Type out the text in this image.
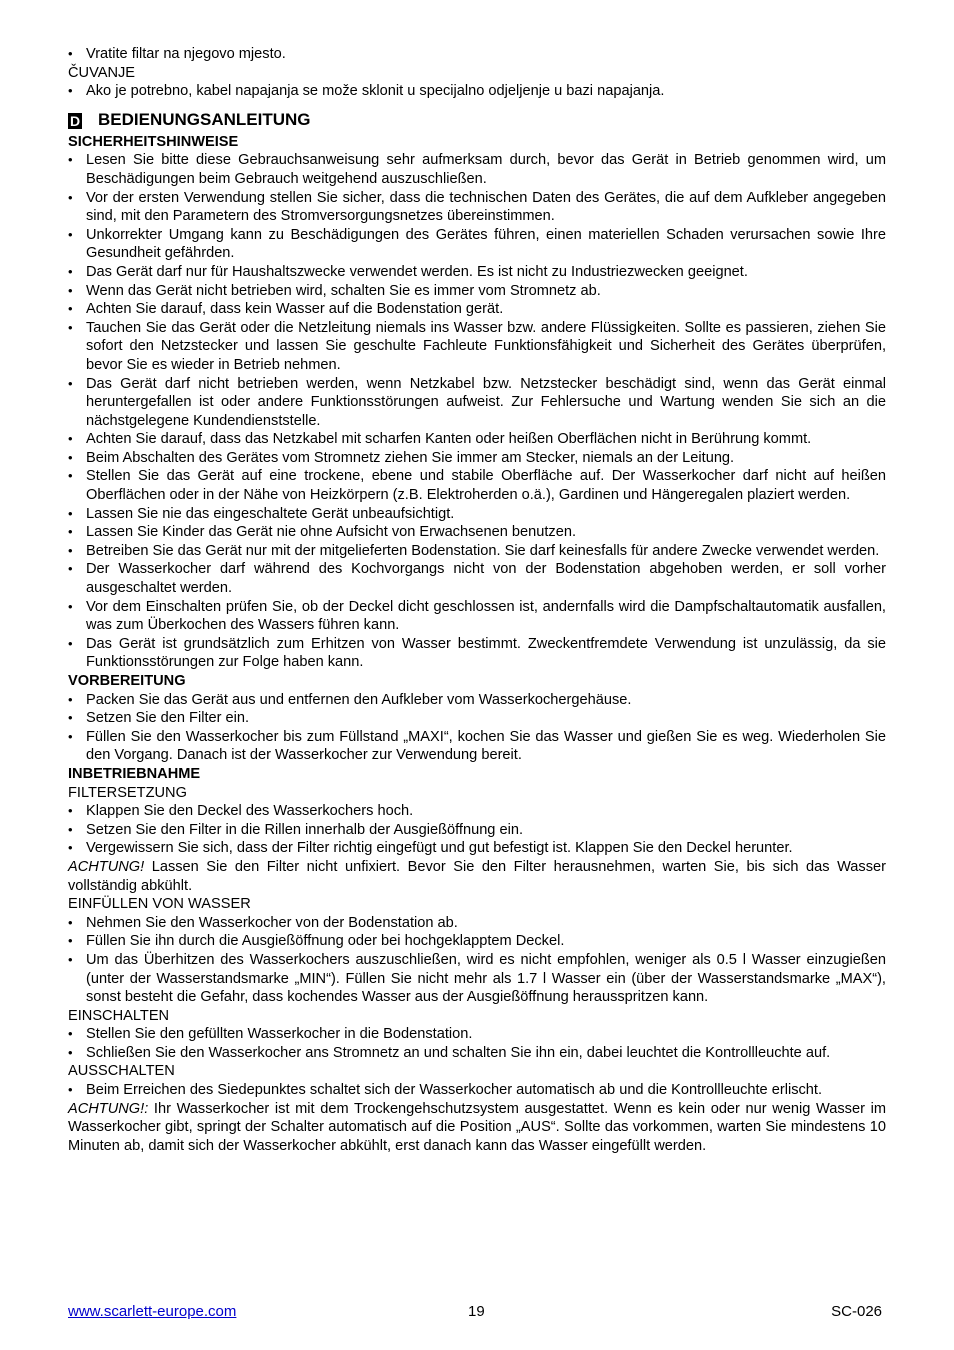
• Vratite filtar na njegovo mjesto.

ČUVANJE

• Ako je potrebno, kabel napajanja se može sklonit u specijalno odjeljenje u bazi napajanja.
D BEDIENUNGSANLEITUNG

SICHERHEITSHINWEISE

• Lesen Sie bitte diese Gebrauchsanweisung sehr aufmerksam durch, bevor das Gerät in Betrieb genommen wird, um Beschädigungen beim Gebrauch weitgehend auszuschließen.
• Vor der ersten Verwendung stellen Sie sicher, dass die technischen Daten des Gerätes, die auf dem Aufkleber angegeben sind, mit den Parametern des Stromversorgungsnetzes übereinstimmen.
• Unkorrekter Umgang kann zu Beschädigungen des Gerätes führen, einen materiellen Schaden verursachen sowie Ihre Gesundheit gefährden.
• Das Gerät darf nur für Haushaltszwecke verwendet werden. Es ist nicht zu Industriezwecken geeignet.
• Wenn das Gerät nicht betrieben wird, schalten Sie es immer vom Stromnetz ab.
• Achten Sie darauf, dass kein Wasser auf die Bodenstation gerät.
• Tauchen Sie das Gerät oder die Netzleitung niemals ins Wasser bzw. andere Flüssigkeiten. Sollte es passieren, ziehen Sie sofort den Netzstecker und lassen Sie geschulte Fachleute Funktionsfähigkeit und Sicherheit des Gerätes überprüfen, bevor Sie es wieder in Betrieb nehmen.
• Das Gerät darf nicht betrieben werden, wenn Netzkabel bzw. Netzstecker beschädigt sind, wenn das Gerät einmal heruntergefallen ist oder andere Funktionsstörungen aufweist. Zur Fehlersuche und Wartung wenden Sie sich an die nächstgelegene Kundendienststelle.
• Achten Sie darauf, dass das Netzkabel mit scharfen Kanten oder heißen Oberflächen nicht in Berührung kommt.
• Beim Abschalten des Gerätes vom Stromnetz ziehen Sie immer am Stecker, niemals an der Leitung.
• Stellen Sie das Gerät auf eine trockene, ebene und stabile Oberfläche auf. Der Wasserkocher darf nicht auf heißen Oberflächen oder in der Nähe von Heizkörpern (z.B. Elektroherden o.ä.), Gardinen und Hängeregalen plaziert werden.
• Lassen Sie nie das eingeschaltete Gerät unbeaufsichtigt.
• Lassen Sie Kinder das Gerät nie ohne Aufsicht von Erwachsenen benutzen.
• Betreiben Sie das Gerät nur mit der mitgelieferten Bodenstation. Sie darf keinesfalls für andere Zwecke verwendet werden.
• Der Wasserkocher darf während des Kochvorgangs nicht von der Bodenstation abgehoben werden, er soll vorher ausgeschaltet werden.
• Vor dem Einschalten prüfen Sie, ob der Deckel dicht geschlossen ist, andernfalls wird die Dampfschaltautomatik ausfallen, was zum Überkochen des Wassers führen kann.
• Das Gerät ist grundsätzlich zum Erhitzen von Wasser bestimmt. Zweckentfremdete Verwendung ist unzulässig, da sie Funktionsstörungen zur Folge haben kann.

VORBEREITUNG

• Packen Sie das Gerät aus und entfernen den Aufkleber vom Wasserkochergehäuse.
• Setzen Sie den Filter ein.
• Füllen Sie den Wasserkocher bis zum Füllstand „MAXI“, kochen Sie das Wasser und gießen Sie es weg. Wiederholen Sie den Vorgang. Danach ist der Wasserkocher zur Verwendung bereit.

INBETRIEBNAHME

FILTERSETZUNG

• Klappen Sie den Deckel des Wasserkochers hoch.
• Setzen Sie den Filter in die Rillen innerhalb der Ausgießöffnung ein.
• Vergewissern Sie sich, dass der Filter richtig eingefügt und gut befestigt ist. Klappen Sie den Deckel herunter.

ACHTUNG! Lassen Sie den Filter nicht unfixiert. Bevor Sie den Filter herausnehmen, warten Sie, bis sich das Wasser vollständig abkühlt.

EINFÜLLEN VON WASSER

• Nehmen Sie den Wasserkocher von der Bodenstation ab.
• Füllen Sie ihn durch die Ausgießöffnung oder bei hochgeklapptem Deckel.
• Um das Überhitzen des Wasserkochers auszuschließen, wird es nicht empfohlen, weniger als 0.5 l Wasser einzugießen (unter der Wasserstandsmarke „MIN“). Füllen Sie nicht mehr als 1.7 l Wasser ein (über der Wasserstandsmarke „MAX“), sonst besteht die Gefahr, dass kochendes Wasser aus der Ausgießöffnung herausspritzen kann.

EINSCHALTEN

• Stellen Sie den gefüllten Wasserkocher in die Bodenstation.
• Schließen Sie den Wasserkocher ans Stromnetz an und schalten Sie ihn ein, dabei leuchtet die Kontrollleuchte auf.

AUSSCHALTEN

• Beim Erreichen des Siedepunktes schaltet sich der Wasserkocher automatisch ab und die Kontrollleuchte erlischt.

ACHTUNG!: Ihr Wasserkocher ist mit dem Trockengehschutzsystem ausgestattet. Wenn es kein oder nur wenig Wasser im Wasserkocher gibt, springt der Schalter automatisch auf die Position „AUS“. Sollte das vorkommen, warten Sie mindestens 10 Minuten ab, damit sich der Wasserkocher abkühlt, erst danach kann das Wasser eingefüllt werden.

www.scarlett-europe.com	19	SC-026
